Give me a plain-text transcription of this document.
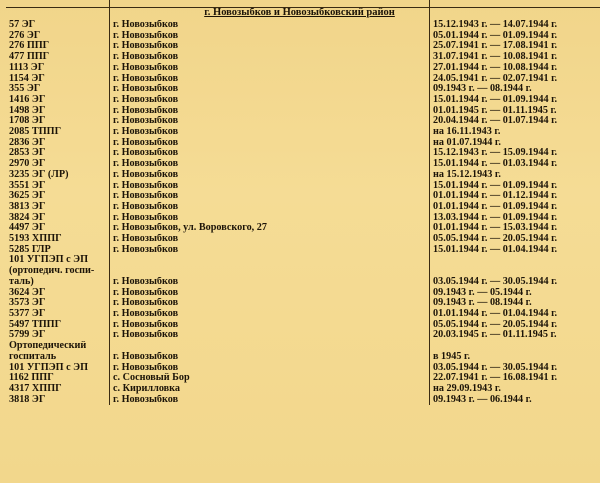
	г. Новозыбков и Новозыбковский район	

57 ЭГ	г. Новозыбков	15.12.1943 г. — 14.07.1944 г.
276 ЭГ	г. Новозыбков	05.01.1944 г. — 01.09.1944 г.
276 ППГ	г. Новозыбков	25.07.1941 г. — 17.08.1941 г.
477 ППГ	г. Новозыбков	31.07.1941 г. — 10.08.1941 г.
1113 ЭГ	г. Новозыбков	27.01.1944 г. — 10.08.1944 г.
1154 ЭГ	г. Новозыбков	24.05.1941 г. — 02.07.1941 г.
355 ЭГ	г. Новозыбков	09.1943 г. — 08.1944 г.
1416 ЭГ	г. Новозыбков	15.01.1944 г. — 01.09.1944 г.
1498 ЭГ	г. Новозыбков	01.01.1945 г. — 01.11.1945 г.
1708 ЭГ	г. Новозыбков	20.04.1944 г. — 01.07.1944 г.
2085 ТППГ	г. Новозыбков	на 16.11.1943 г.
2836 ЭГ	г. Новозыбков	на 01.07.1944 г.
2853 ЭГ	г. Новозыбков	15.12.1943 г. — 15.09.1944 г.
2970 ЭГ	г. Новозыбков	15.01.1944 г. — 01.03.1944 г.
3235 ЭГ (ЛР)	г. Новозыбков	на 15.12.1943 г.
3551 ЭГ	г. Новозыбков	15.01.1944 г. — 01.09.1944 г.
3625 ЭГ	г. Новозыбков	01.01.1944 г. — 01.12.1944 г.
3813 ЭГ	г. Новозыбков	01.01.1944 г. — 01.09.1944 г.
3824 ЭГ	г. Новозыбков	13.03.1944 г. — 01.09.1944 г.
4497 ЭГ	г. Новозыбков, ул. Воровского, 27	01.01.1944 г. — 15.03.1944 г.
5193 ХППГ	г. Новозыбков	05.05.1944 г. — 20.05.1944 г.
5285 ГЛР	г. Новозыбков	15.01.1944 г. — 01.04.1944 г.
101 УГПЭП с ЭП		
(ортопедич. госпи-		
таль)	г. Новозыбков	03.05.1944 г. — 30.05.1944 г.
3624 ЭГ	г. Новозыбков	09.1943 г. — 05.1944 г.
3573 ЭГ	г. Новозыбков	09.1943 г. — 08.1944 г.
5377 ЭГ	г. Новозыбков	01.01.1944 г. — 01.04.1944 г.
5497 ТППГ	г. Новозыбков	05.05.1944 г. — 20.05.1944 г.
5799 ЭГ	г. Новозыбков	20.03.1945 г. — 01.11.1945 г.
Ортопедический		
госпиталь	г. Новозыбков	в 1945 г.
101 УГПЭП с ЭП	г. Новозыбков	03.05.1944 г. — 30.05.1944 г.
1162 ППГ	с. Сосновый Бор	22.07.1941 г. — 16.08.1941 г.
4317 ХППГ	с. Кирилловка	на 29.09.1943 г.
3818 ЭГ	г. Новозыбков	09.1943 г. — 06.1944 г.
